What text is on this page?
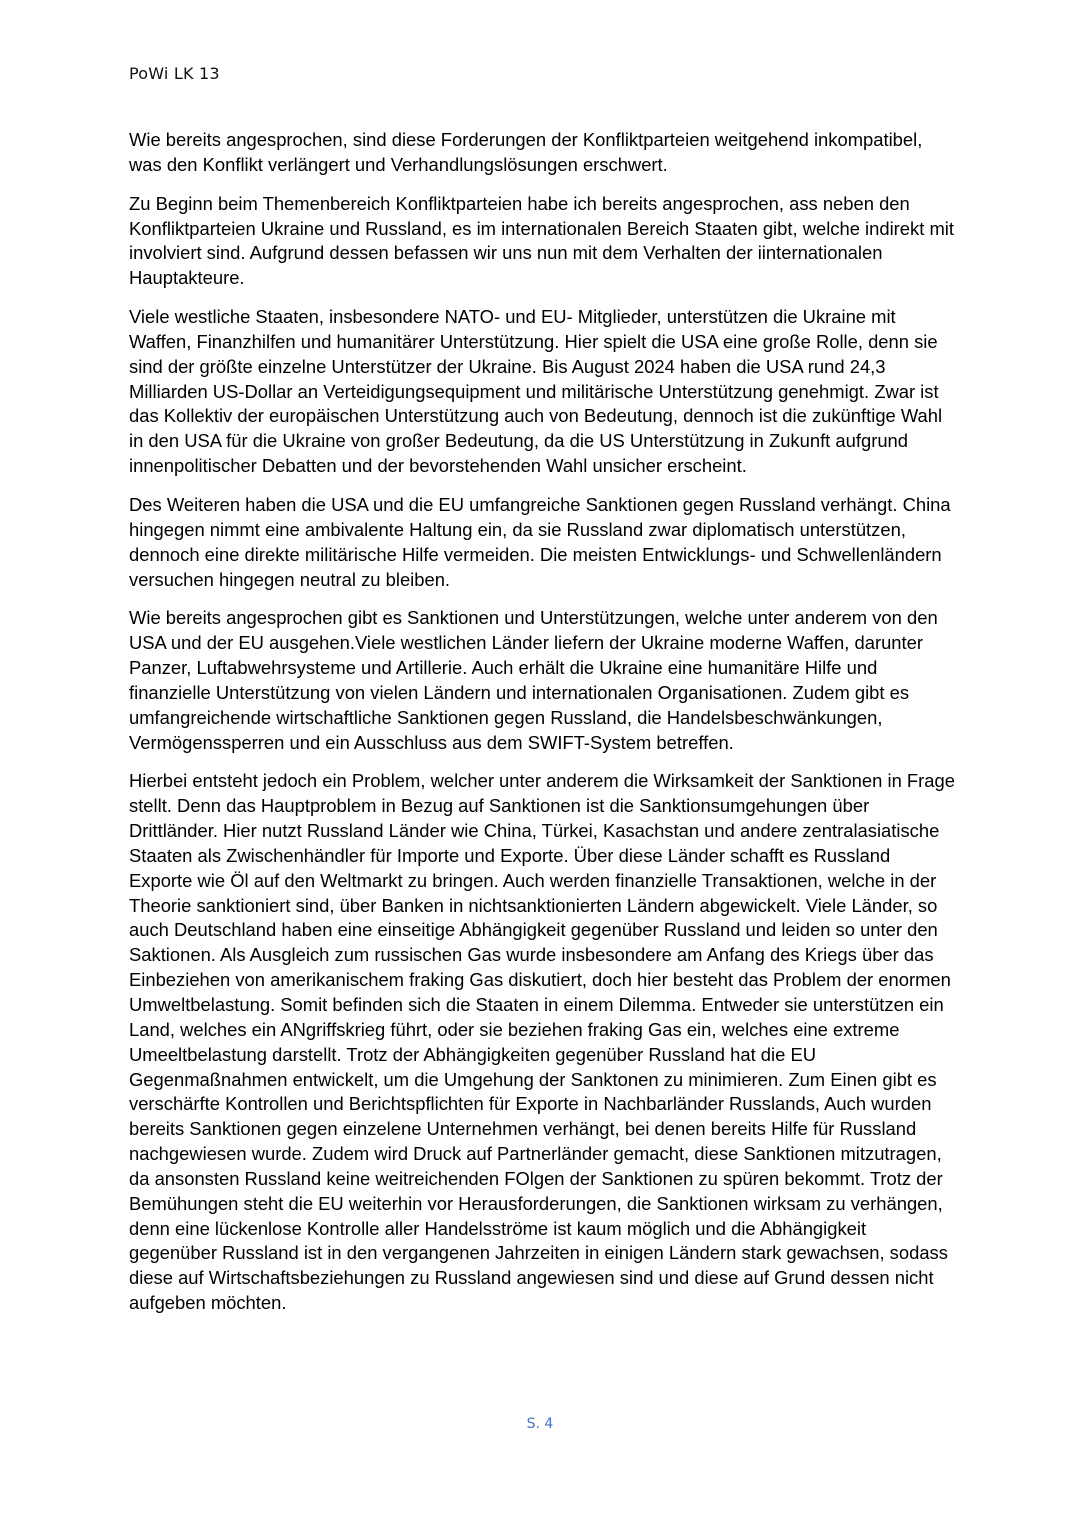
PoWi LK 13

Wie bereits angesprochen, sind diese Forderungen der Konfliktparteien weitgehend inkompatibel, was den Konflikt verlängert und Verhandlungslösungen erschwert.

Zu Beginn beim Themenbereich Konfliktparteien habe ich bereits angesprochen, ass neben den Konfliktparteien Ukraine und Russland, es im internationalen Bereich Staaten gibt, welche indirekt mit involviert sind. Aufgrund dessen befassen wir uns nun mit dem Verhalten der iinternationalen Hauptakteure.

Viele westliche Staaten, insbesondere NATO- und EU- Mitglieder, unterstützen die Ukraine mit Waffen, Finanzhilfen und humanitärer Unterstützung. Hier spielt die USA eine große Rolle, denn sie sind der größte einzelne Unterstützer der Ukraine. Bis August 2024 haben die USA rund 24,3 Milliarden US-Dollar an Verteidigungsequipment und militärische Unterstützung genehmigt. Zwar ist das Kollektiv der europäischen Unterstützung auch von Bedeutung, dennoch ist die zukünftige Wahl in den USA für die Ukraine von großer Bedeutung, da die US Unterstützung in Zukunft aufgrund innenpolitischer Debatten und der bevorstehenden Wahl unsicher erscheint.

Des Weiteren haben die USA und die EU umfangreiche Sanktionen gegen Russland verhängt. China hingegen nimmt eine ambivalente Haltung ein, da sie Russland zwar diplomatisch unterstützen, dennoch eine direkte militärische Hilfe vermeiden. Die meisten Entwicklungs- und Schwellenländern versuchen hingegen neutral zu bleiben.

Wie bereits angesprochen gibt es Sanktionen und Unterstützungen, welche unter anderem von den USA und der EU ausgehen.Viele westlichen Länder liefern der Ukraine moderne Waffen, darunter Panzer, Luftabwehrsysteme und Artillerie. Auch erhält die Ukraine eine humanitäre Hilfe und finanzielle Unterstützung von vielen Ländern und internationalen Organisationen. Zudem gibt es umfangreichende wirtschaftliche Sanktionen gegen Russland, die Handelsbeschwänkungen, Vermögenssperren und ein Ausschluss aus dem SWIFT-System betreffen.

Hierbei entsteht jedoch ein Problem, welcher unter anderem die Wirksamkeit der Sanktionen in Frage stellt. Denn das Hauptproblem in Bezug auf Sanktionen ist die Sanktionsumgehungen über Drittländer. Hier nutzt Russland Länder wie China, Türkei, Kasachstan und andere zentralasiatische Staaten als Zwischenhändler für Importe und Exporte. Über diese Länder schafft es Russland Exporte wie Öl auf den Weltmarkt zu bringen. Auch werden finanzielle Transaktionen, welche in der Theorie sanktioniert sind, über Banken in nichtsanktionierten Ländern abgewickelt. Viele Länder, so auch Deutschland haben eine einseitige Abhängigkeit gegenüber Russland und leiden so unter den Saktionen. Als Ausgleich zum russischen Gas wurde insbesondere am Anfang des Kriegs über das Einbeziehen von amerikanischem fraking Gas diskutiert, doch hier besteht das Problem der enormen Umweltbelastung. Somit befinden sich die Staaten in einem Dilemma. Entweder sie unterstützen ein Land, welches ein ANgriffskrieg führt, oder sie beziehen fraking Gas ein, welches eine extreme Umeeltbelastung darstellt. Trotz der Abhängigkeiten gegenüber Russland hat die EU Gegenmaßnahmen entwickelt, um die Umgehung der Sanktonen zu minimieren. Zum Einen gibt es verschärfte Kontrollen und Berichtspflichten für Exporte in Nachbarländer Russlands, Auch wurden bereits Sanktionen gegen einzelene Unternehmen verhängt, bei denen bereits Hilfe für Russland nachgewiesen wurde. Zudem wird Druck auf Partnerländer gemacht, diese Sanktionen mitzutragen, da ansonsten Russland keine weitreichenden FOlgen der Sanktionen zu spüren bekommt. Trotz der Bemühungen steht die EU weiterhin vor Herausforderungen, die Sanktionen wirksam zu verhängen, denn eine lückenlose Kontrolle aller Handelsströme ist kaum möglich und die Abhängigkeit gegenüber Russland ist in den vergangenen Jahrzeiten in einigen Ländern stark gewachsen, sodass diese auf Wirtschaftsbeziehungen zu Russland angewiesen sind und diese auf Grund dessen nicht aufgeben möchten.

S. 4
